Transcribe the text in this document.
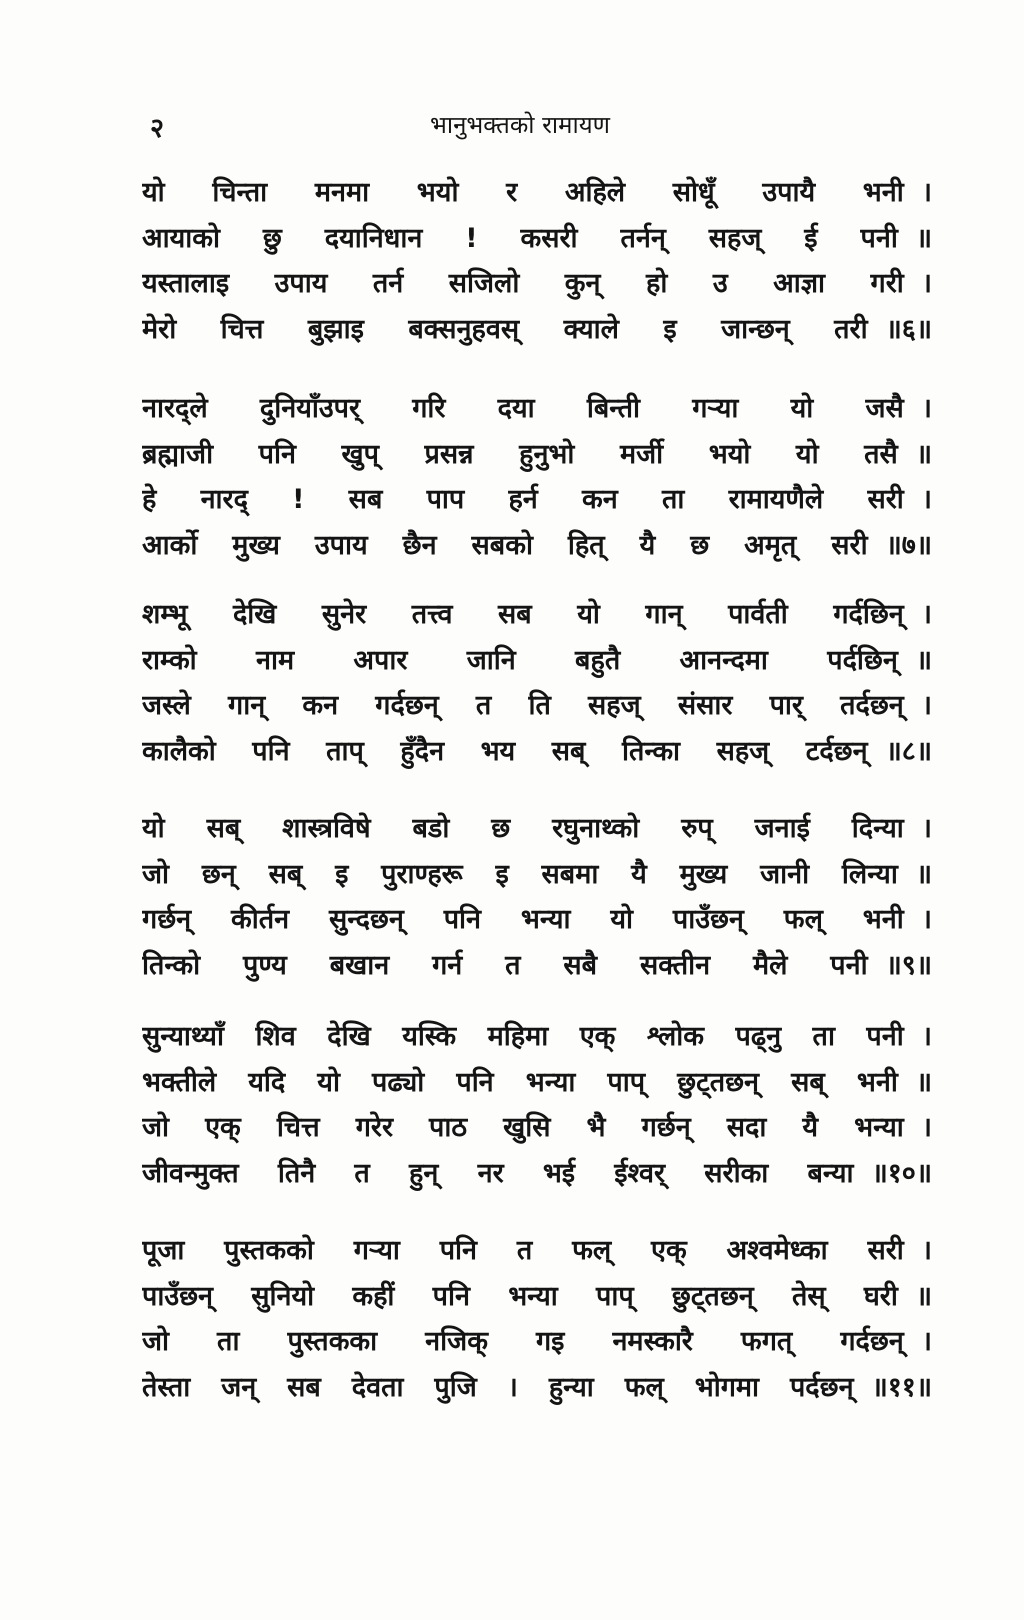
२	भानुभक्तको रामायण
यो चिन्ता मनमा भयो र अहिले सोधूँ उपायै भनी ।
आयाको छु दयानिधान ! कसरी तर्नन् सहज् ई पनी ॥
यस्तालाइ उपाय तर्न सजिलो कुन् हो उ आज्ञा गरी ।
मेरो चित्त बुझाइ बक्सनुहवस् क्याले इ जान्छन् तरी ॥६॥
नारद्ले दुनियाँउपर् गरि दया बिन्ती गऱ्या यो जसै ।
ब्रह्माजी पनि खुप् प्रसन्न हुनुभो मर्जी भयो यो तसै ॥
हे नारद् ! सब पाप हर्न कन ता रामायणैले सरी ।
आर्को मुख्य उपाय छैन सबको हित् यै छ अमृत् सरी ॥७॥
शम्भू देखि सुनेर तत्त्व सब यो गान् पार्वती गर्दछिन् ।
राम्को नाम अपार जानि बहुतै आनन्दमा पर्दछिन् ॥
जस्ले गान् कन गर्दछन् त ति सहज् संसार पार् तर्दछन् ।
कालैको पनि ताप् हुँदैन भय सब् तिन्का सहज् टर्दछन् ॥८॥
यो सब् शास्त्रविषे बडो छ रघुनाथ्को रुप् जनाई दिन्या ।
जो छन् सब् इ पुराण्हरू इ सबमा यै मुख्य जानी लिन्या ॥
गर्छन् कीर्तन सुन्दछन् पनि भन्या यो पाउँछन् फल् भनी ।
तिन्को पुण्य बखान गर्न त सबै सक्तीन मैले पनी ॥९॥
सुन्याथ्याँ शिव देखि यस्कि महिमा एक् श्लोक पढ्नु ता पनी ।
भक्तीले यदि यो पढ्यो पनि भन्या पाप् छुट्तछन् सब् भनी ॥
जो एक् चित्त गरेर पाठ खुसि भै गर्छन् सदा यै भन्या ।
जीवन्मुक्त तिनै त हुन् नर भई ईश्वर् सरीका बन्या ॥१०॥
पूजा पुस्तकको गऱ्या पनि त फल् एक् अश्वमेध्का सरी ।
पाउँछन् सुनियो कहीं पनि भन्या पाप् छुट्तछन् तेस् घरी ॥
जो ता पुस्तकका नजिक् गइ नमस्कारै फगत् गर्दछन् ।
तेस्ता जन् सब देवता पुजि । हुन्या फल् भोगमा पर्दछन् ॥११॥
